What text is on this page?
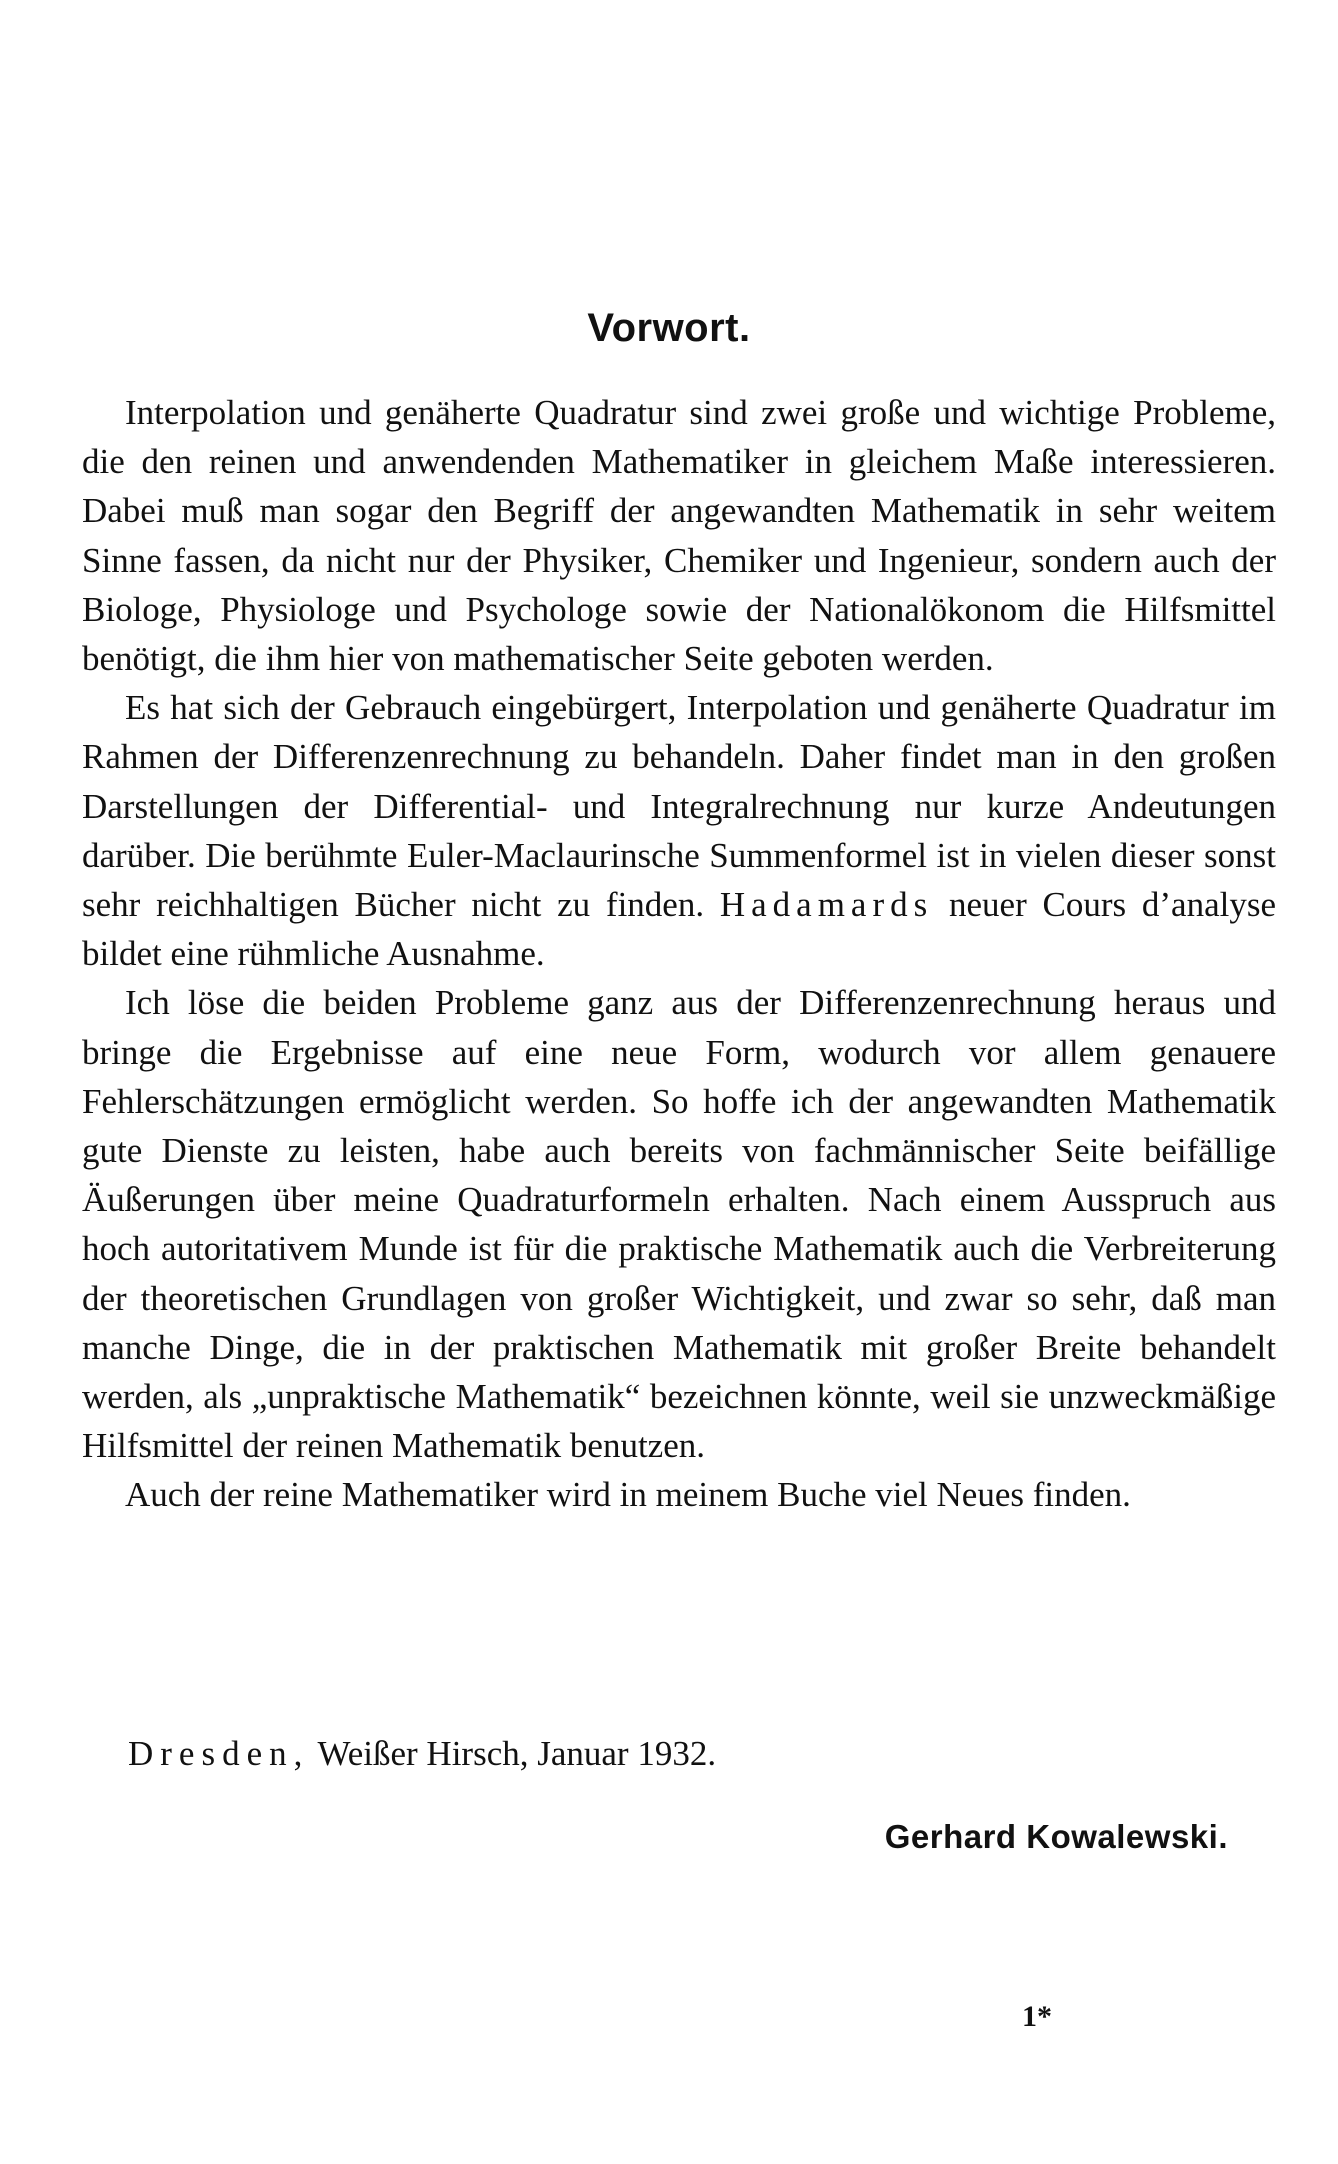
Vorwort.

Interpolation und genäherte Quadratur sind zwei große und wichtige Probleme, die den reinen und anwendenden Mathematiker in gleichem Maße interessieren. Dabei muß man sogar den Begriff der angewandten Mathematik in sehr weitem Sinne fassen, da nicht nur der Physiker, Chemiker und Ingenieur, sondern auch der Biologe, Physiologe und Psychologe sowie der Nationalökonom die Hilfsmittel benötigt, die ihm hier von mathematischer Seite geboten werden.

Es hat sich der Gebrauch eingebürgert, Interpolation und genäherte Quadratur im Rahmen der Differenzenrechnung zu behandeln. Daher findet man in den großen Darstellungen der Differential- und Integralrechnung nur kurze Andeutungen darüber. Die berühmte Euler-Maclaurinsche Summenformel ist in vielen dieser sonst sehr reichhaltigen Bücher nicht zu finden. Hadamards neuer Cours d’analyse bildet eine rühmliche Ausnahme.

Ich löse die beiden Probleme ganz aus der Differenzenrechnung heraus und bringe die Ergebnisse auf eine neue Form, wodurch vor allem genauere Fehlerschätzungen ermöglicht werden. So hoffe ich der angewandten Mathematik gute Dienste zu leisten, habe auch bereits von fachmännischer Seite beifällige Äußerungen über meine Quadraturformeln erhalten. Nach einem Ausspruch aus hoch autoritativem Munde ist für die praktische Mathematik auch die Verbreiterung der theoretischen Grundlagen von großer Wichtigkeit, und zwar so sehr, daß man manche Dinge, die in der praktischen Mathematik mit großer Breite behandelt werden, als „unpraktische Mathematik“ bezeichnen könnte, weil sie unzweckmäßige Hilfsmittel der reinen Mathematik benutzen.

Auch der reine Mathematiker wird in meinem Buche viel Neues finden.

Dresden, Weißer Hirsch, Januar 1932.

Gerhard Kowalewski.

1*
